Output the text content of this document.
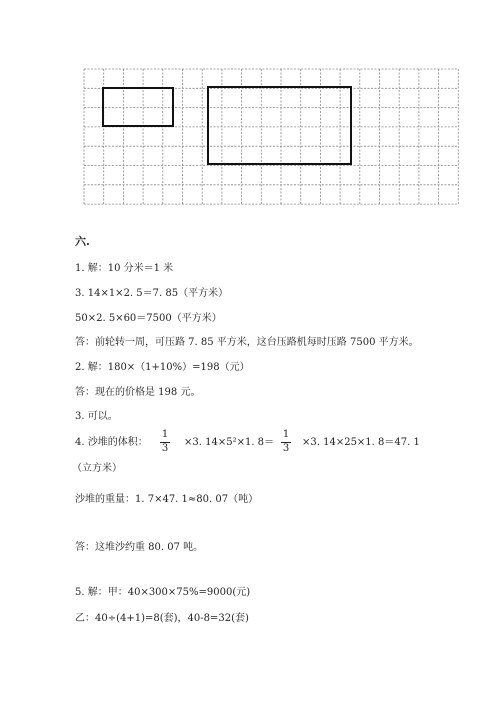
六.
1. 解：10 分米＝1 米
3. 14×1×2. 5＝7. 85（平方米）
50×2. 5×60＝7500（平方米）
答：前轮转一周，可压路 7. 85 平方米，这台压路机每时压路 7500 平方米。
2. 解：180×（1+10%）=198（元）
答：现在的价格是 198 元。
3. 可以。
4. 沙堆的体积：
1
3
×3. 14×5²×1. 8＝
1
3
×3. 14×25×1. 8＝47. 1
（立方米）
沙堆的重量：1. 7×47. 1≈80. 07（吨）
答：这堆沙约重 80. 07 吨。
5. 解：甲：40×300×75%=9000(元)
乙：40÷(4+1)=8(套)，40-8=32(套)
